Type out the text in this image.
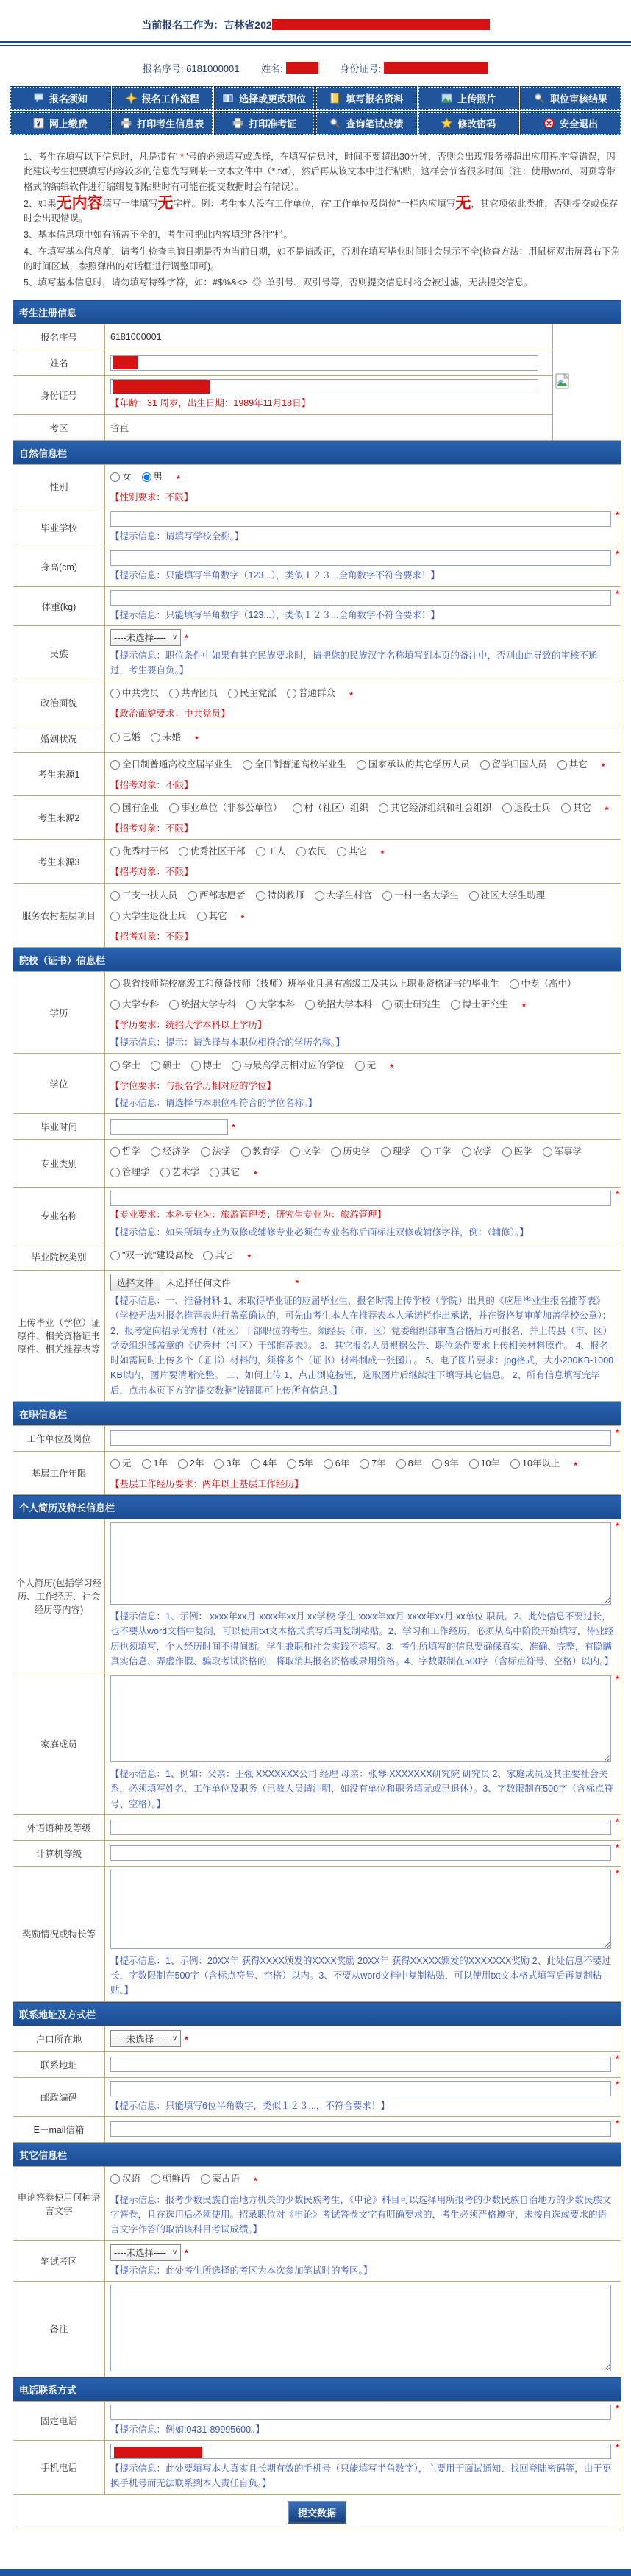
当前报名工作为：吉林省202
报名序号: 6181000001 姓名:	身份证号:
报名须知	报名工作流程	选择或更改职位	填写报名资料	上传照片	职位审核结果
¥ 网上缴费	打印考生信息表	打印准考证	查询笔试成绩	修改密码	安全退出

1、考生在填写以下信息时，凡是带有' * '号的必须填写或选择，在填写信息时，时间不要超出30分钟，否则会出现'服务器超出应用程序'等错误，因此建议考生把要填写内容较多的信息先写到某一文本文件中（*.txt），然后再从该文本中进行粘贴，这样会节省很多时间（注：使用word、网页等带格式的编辑软件进行编辑复制粘贴时有可能在提交数据时会有错误）。

2、如果无内容填写一律填写无字样。例：考生本人没有工作单位，在"工作单位及岗位"一栏内应填写无，其它项依此类推，否则提交或保存时会出现错误。

3、基本信息项中如有涵盖不全的，考生可把此内容填到"备注"栏。

4、在填写基本信息前，请考生检查电脑日期是否为当前日期，如不是请改正，否则在填写毕业时间时会显示不全(检查方法：用鼠标双击屏幕右下角的时间区域，参照弹出的对话框进行调整即可)。

5、填写基本信息时，请勿填写特殊字符，如：#$%&<>《》单引号、双引号等，否则提交信息时将会被过滤，无法提交信息。

考生注册信息
报名序号	6181000001	
姓名		

身份证号	【年龄：31 周岁，出生日期：1989年11月18日】	

考区	省直	
自然信息栏
性别	女 男 *
【性别要求：不限】

毕业学校	*
【提示信息：请填写学校全称。】

身高(cm)	*
【提示信息：只能填写半角数字（123...），类似１２３...全角数字不符合要求！】

体重(kg)	*
【提示信息：只能填写半角数字（123...），类似１２３...全角数字不符合要求！】

民族	----未选择---- ∨ *
【提示信息：职位条件中如果有其它民族要求时，请把您的民族汉字名称填写到本页的备注中，否则由此导致的审核不通过，考生要自负。】

政治面貌	
中共党员 共青团员 民主党派 普通群众 *
【政治面貌要求：中共党员】

婚姻状况	已婚 未婚 *
考生来源1	
全日制普通高校应届毕业生 全日制普通高校毕业生 国家承认的其它学历人员 留学归国人员 其它 *
【招考对象：不限】

考生来源2	
国有企业 事业单位（非参公单位） 村（社区）组织 其它经济组织和社会组织 退役士兵 其它 *
【招考对象：不限】

考生来源3	
优秀村干部 优秀社区干部 工人 农民 其它 *
【招考对象：不限】

服务农村基层项目	
三支一扶人员 西部志愿者 特岗教师 大学生村官 一村一名大学生 社区大学生助理
大学生退役士兵 其它 *
【招考对象：不限】
院校（证书）信息栏
学历	
我省技师院校高级工和预备技师（技师）班毕业且具有高级工及其以上职业资格证书的毕业生 中专（高中）
大学专科 统招大学专科 大学本科 统招大学本科 硕士研究生 博士研究生 *
【学历要求：统招大学本科以上学历】
【提示信息：提示：请选择与本职位相符合的学历名称。】

学位	
学士 硕士 博士 与最高学历相对应的学位 无 *
【学位要求：与报名学历相对应的学位】
【提示信息：请选择与本职位相符合的学位名称。】

毕业时间	*
专业类别	
哲学 经济学 法学 教育学 文学 历史学 理学 工学 农学 医学 军事学
管理学 艺术学 其它 *
专业名称	*
【专业要求：本科专业为：旅游管理类；研究生专业为：旅游管理】
【提示信息：如果所填专业为双修或辅修专业必须在专业名称后面标注双修或辅修字样，例：（辅修）。】

毕业院校类别	"双一流"建设高校 其它 *
上传毕业（学位）证原件、相关资格证书原件、相关推荐表等	选择文件 未选择任何文件 *
【提示信息：一、准备材料 1、未取得毕业证的应届毕业生，报名时需上传学校（学院）出具的《应届毕业生报名推荐表》（学校无法对报名推荐表进行盖章确认的，可先由考生本人在推荐表本人承诺栏作出承诺，并在资格复审前加盖学校公章）； 2、报考定向招录优秀村（社区）干部职位的考生，须经县（市、区）党委组织部审查合格后方可报名，并上传县（市、区）党委组织部盖章的《优秀村（社区）干部推荐表》。 3、其它报名人员根据公告、职位条件要求上传相关材料原件。 4、报名时如需同时上传多个（证书）材料的，须将多个（证书）材料制成一张图片。 5、电子图片要求：jpg格式，大小200KB-1000KB以内，图片要清晰完整。 二、如何上传 1、点击浏览按钮，选取图片后继续往下填写其它信息。 2、所有信息填写完毕后，点击本页下方的"提交数据"按钮即可上传所有信息。】
在职信息栏
工作单位及岗位	*

基层工作年限	
无 1年 2年 3年 4年 5年 6年 7年 8年 9年 10年 10年以上 *
【基层工作经历要求：两年以上基层工作经历】
个人简历及特长信息栏
个人简历(包括学习经历、工作经历、社会经历等内容)	*
【提示信息：1、示例： xxxx年xx月-xxxx年xx月 xx学校 学生 xxxx年xx月-xxxx年xx月 xx单位 职员。2、此处信息不要过长，也不要从word文档中复制，可以使用txt文本格式填写后再复制粘贴。2、学习和工作经历，必须从高中阶段开始填写，待业经历也须填写，个人经历时间不得间断。学生兼职和社会实践不填写。3、考生所填写的信息要确保真实、准确、完整，有隐瞒真实信息、弄虚作假、骗取考试资格的，将取消其报名资格或录用资格。4、字数限制在500字（含标点符号、空格）以内。】

家庭成员	*
【提示信息：1、例如：父亲：王强 XXXXXXX公司 经理 母亲：张琴 XXXXXXX研究院 研究员 2、家庭成员及其主要社会关系，必须填写姓名、工作单位及职务（已故人员请注明，如没有单位和职务填无或已退休）。3、字数限制在500字（含标点符号、空格）。】

外语语种及等级	*

计算机等级	*

奖励情况或特长等	*
【提示信息：1、示例：20XX年 获得XXXX颁发的XXXX奖励 20XX年 获得XXXXX颁发的XXXXXXX奖励 2、此处信息不要过长，字数限制在500字（含标点符号、空格）以内。3、不要从word文档中复制粘贴，可以使用txt文本格式填写后再复制粘贴。】
联系地址及方式栏
户口所在地	----未选择---- ∨ *
联系地址	*

邮政编码	*
【提示信息：只能填写6位半角数字，类似１２３...，不符合要求！】

E－mail信箱	*
其它信息栏
申论答卷使用何种语言文字	汉语 朝鲜语 蒙古语 *
【提示信息：报考少数民族自治地方机关的少数民族考生，《申论》科目可以选择用所报考的少数民族自治地方的少数民族文字答卷，且在选用后必须使用。招录职位对《申论》考试答卷文字有明确要求的，考生必须严格遵守，未按自选或要求的语言文字作答的取消该科目考试成绩。】

笔试考区	----未选择---- ∨ *
【提示信息：此处考生所选择的考区为本次参加笔试时的考区。】

备注	
电话联系方式
固定电话	*
【提示信息：例如:0431-89995600。】

手机电话	*
【提示信息：此处要填写本人真实且长期有效的手机号（只能填写半角数字），主要用于面试通知、找回登陆密码等，由于更换手机号而无法联系到本人责任自负。】

提交数据	
